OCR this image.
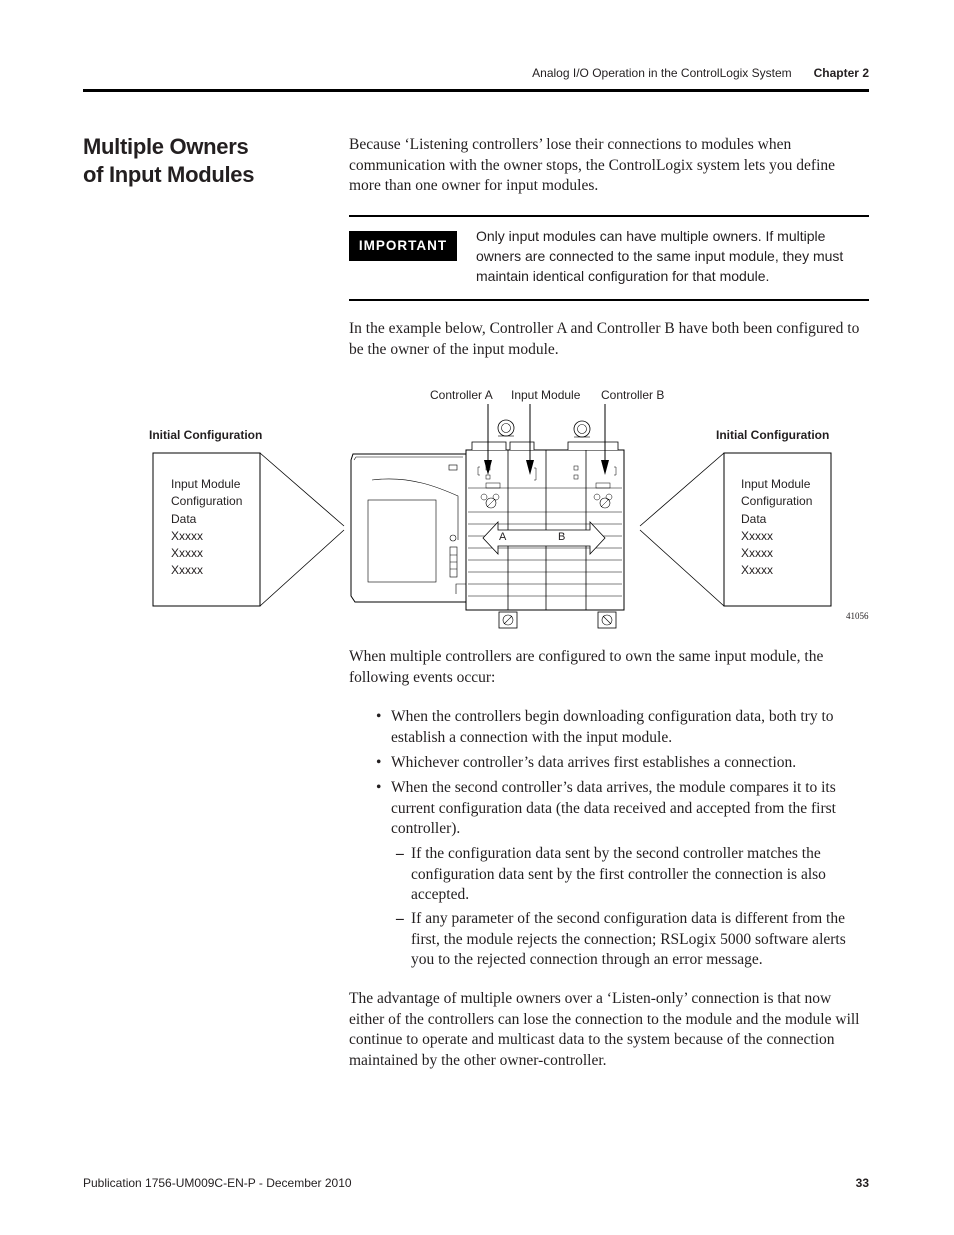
Analog I/O Operation in the ControlLogix System Chapter 2
Multiple Owners
of Input Modules
Because ‘Listening controllers’ lose their connections to modules when communication with the owner stops, the ControlLogix system lets you define more than one owner for input modules.
IMPORTANT
Only input modules can have multiple owners. If multiple owners are connected to the same input module, they must maintain identical configuration for that module.
In the example below, Controller A and Controller B have both been configured to be the owner of the input module.
Controller A Input Module Controller B
Initial Configuration	Initial Configuration
Input Module
Configuration
Data
Xxxxx
Xxxxx
Xxxxx
Input Module
Configuration
Data
Xxxxx
Xxxxx
Xxxxx
A	B
41056
When multiple controllers are configured to own the same input module, the following events occur:
• When the controllers begin downloading configuration data, both try to establish a connection with the input module.
• Whichever controller’s data arrives first establishes a connection.
• When the second controller’s data arrives, the module compares it to its current configuration data (the data received and accepted from the first controller).
– If the configuration data sent by the second controller matches the configuration data sent by the first controller the connection is also accepted.
– If any parameter of the second configuration data is different from the first, the module rejects the connection; RSLogix 5000 software alerts you to the rejected connection through an error message.
The advantage of multiple owners over a ‘Listen-only’ connection is that now either of the controllers can lose the connection to the module and the module will continue to operate and multicast data to the system because of the connection maintained by the other owner-controller.
Publication 1756-UM009C-EN-P - December 2010	33
